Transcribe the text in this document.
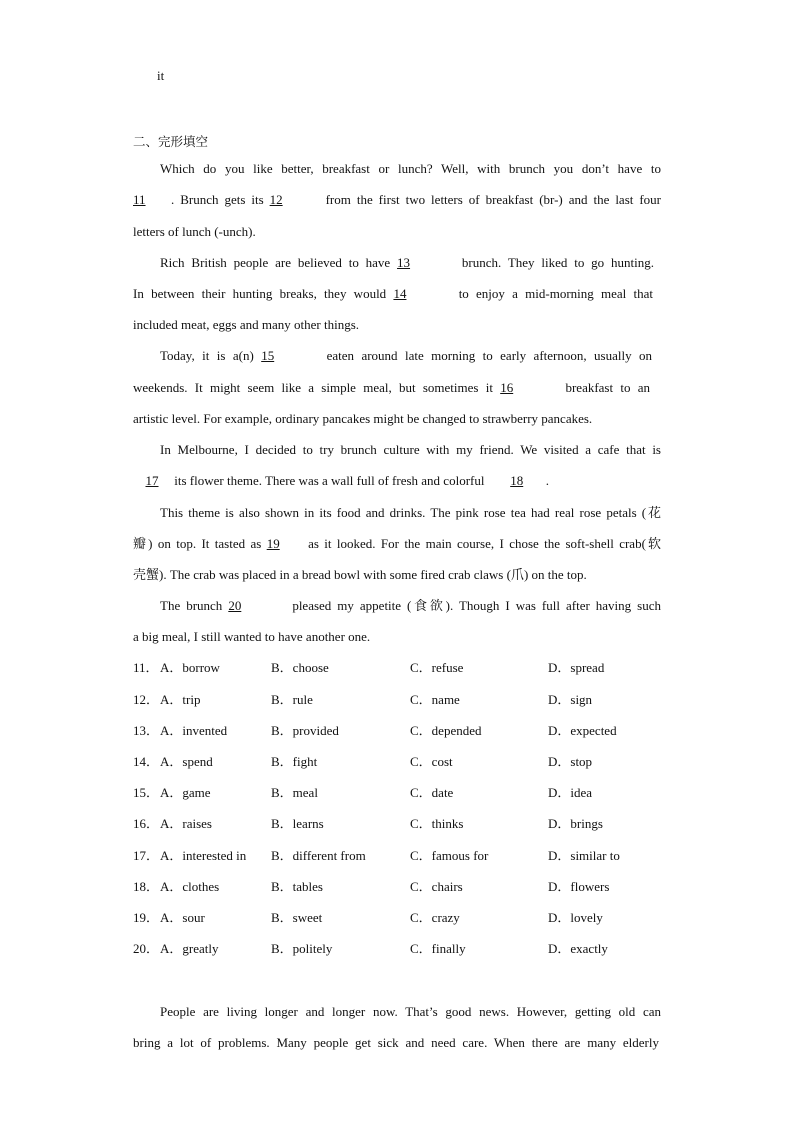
it
二、完形填空
Which do you like better, breakfast or lunch? Well, with brunch you don’t have to
11 . Brunch gets its 12	from the first two letters of breakfast (br-) and the last four
letters of lunch (-unch).
Rich British people are believed to have 13	brunch. They liked to go hunting.
In between their hunting breaks, they would 14	to enjoy a mid-morning meal that
included meat, eggs and many other things.
Today, it is a(n) 15	eaten around late morning to early afternoon, usually on
weekends. It might seem like a simple meal, but sometimes it 16	breakfast to an
artistic level. For example, ordinary pancakes might be changed to strawberry pancakes.
In Melbourne, I decided to try brunch culture with my friend. We visited a cafe that is
17 its flower theme. There was a wall full of fresh and colorful 18 .
This theme is also shown in its food and drinks. The pink rose tea had real rose petals (花
瓣) on top. It tasted as 19 as it looked. For the main course, I chose the soft-shell crab(软
壳蟹). The crab was placed in a bread bowl with some fired crab claws (爪) on the top.
The brunch 20	pleased my appetite (食欲). Though I was full after having such
a big meal, I still wanted to have another one.
11． A．borrow	B．choose	C．refuse	D．spread
12． A．trip	B．rule	C．name	D．sign
13． A．invented	B．provided	C．depended	D．expected
14． A．spend	B．fight	C．cost	D．stop
15． A．game	B．meal	C．date	D．idea
16． A．raises	B．learns	C．thinks	D．brings
17． A．interested in B．different from	C．famous for	D．similar to
18． A．clothes	B．tables	C．chairs	D．flowers
19． A．sour	B．sweet	C．crazy	D．lovely
20． A．greatly	B．politely	C．finally	D．exactly
People are living longer and longer now. That’s good news. However, getting old can
bring a lot of problems. Many people get sick and need care. When there are many elderly
